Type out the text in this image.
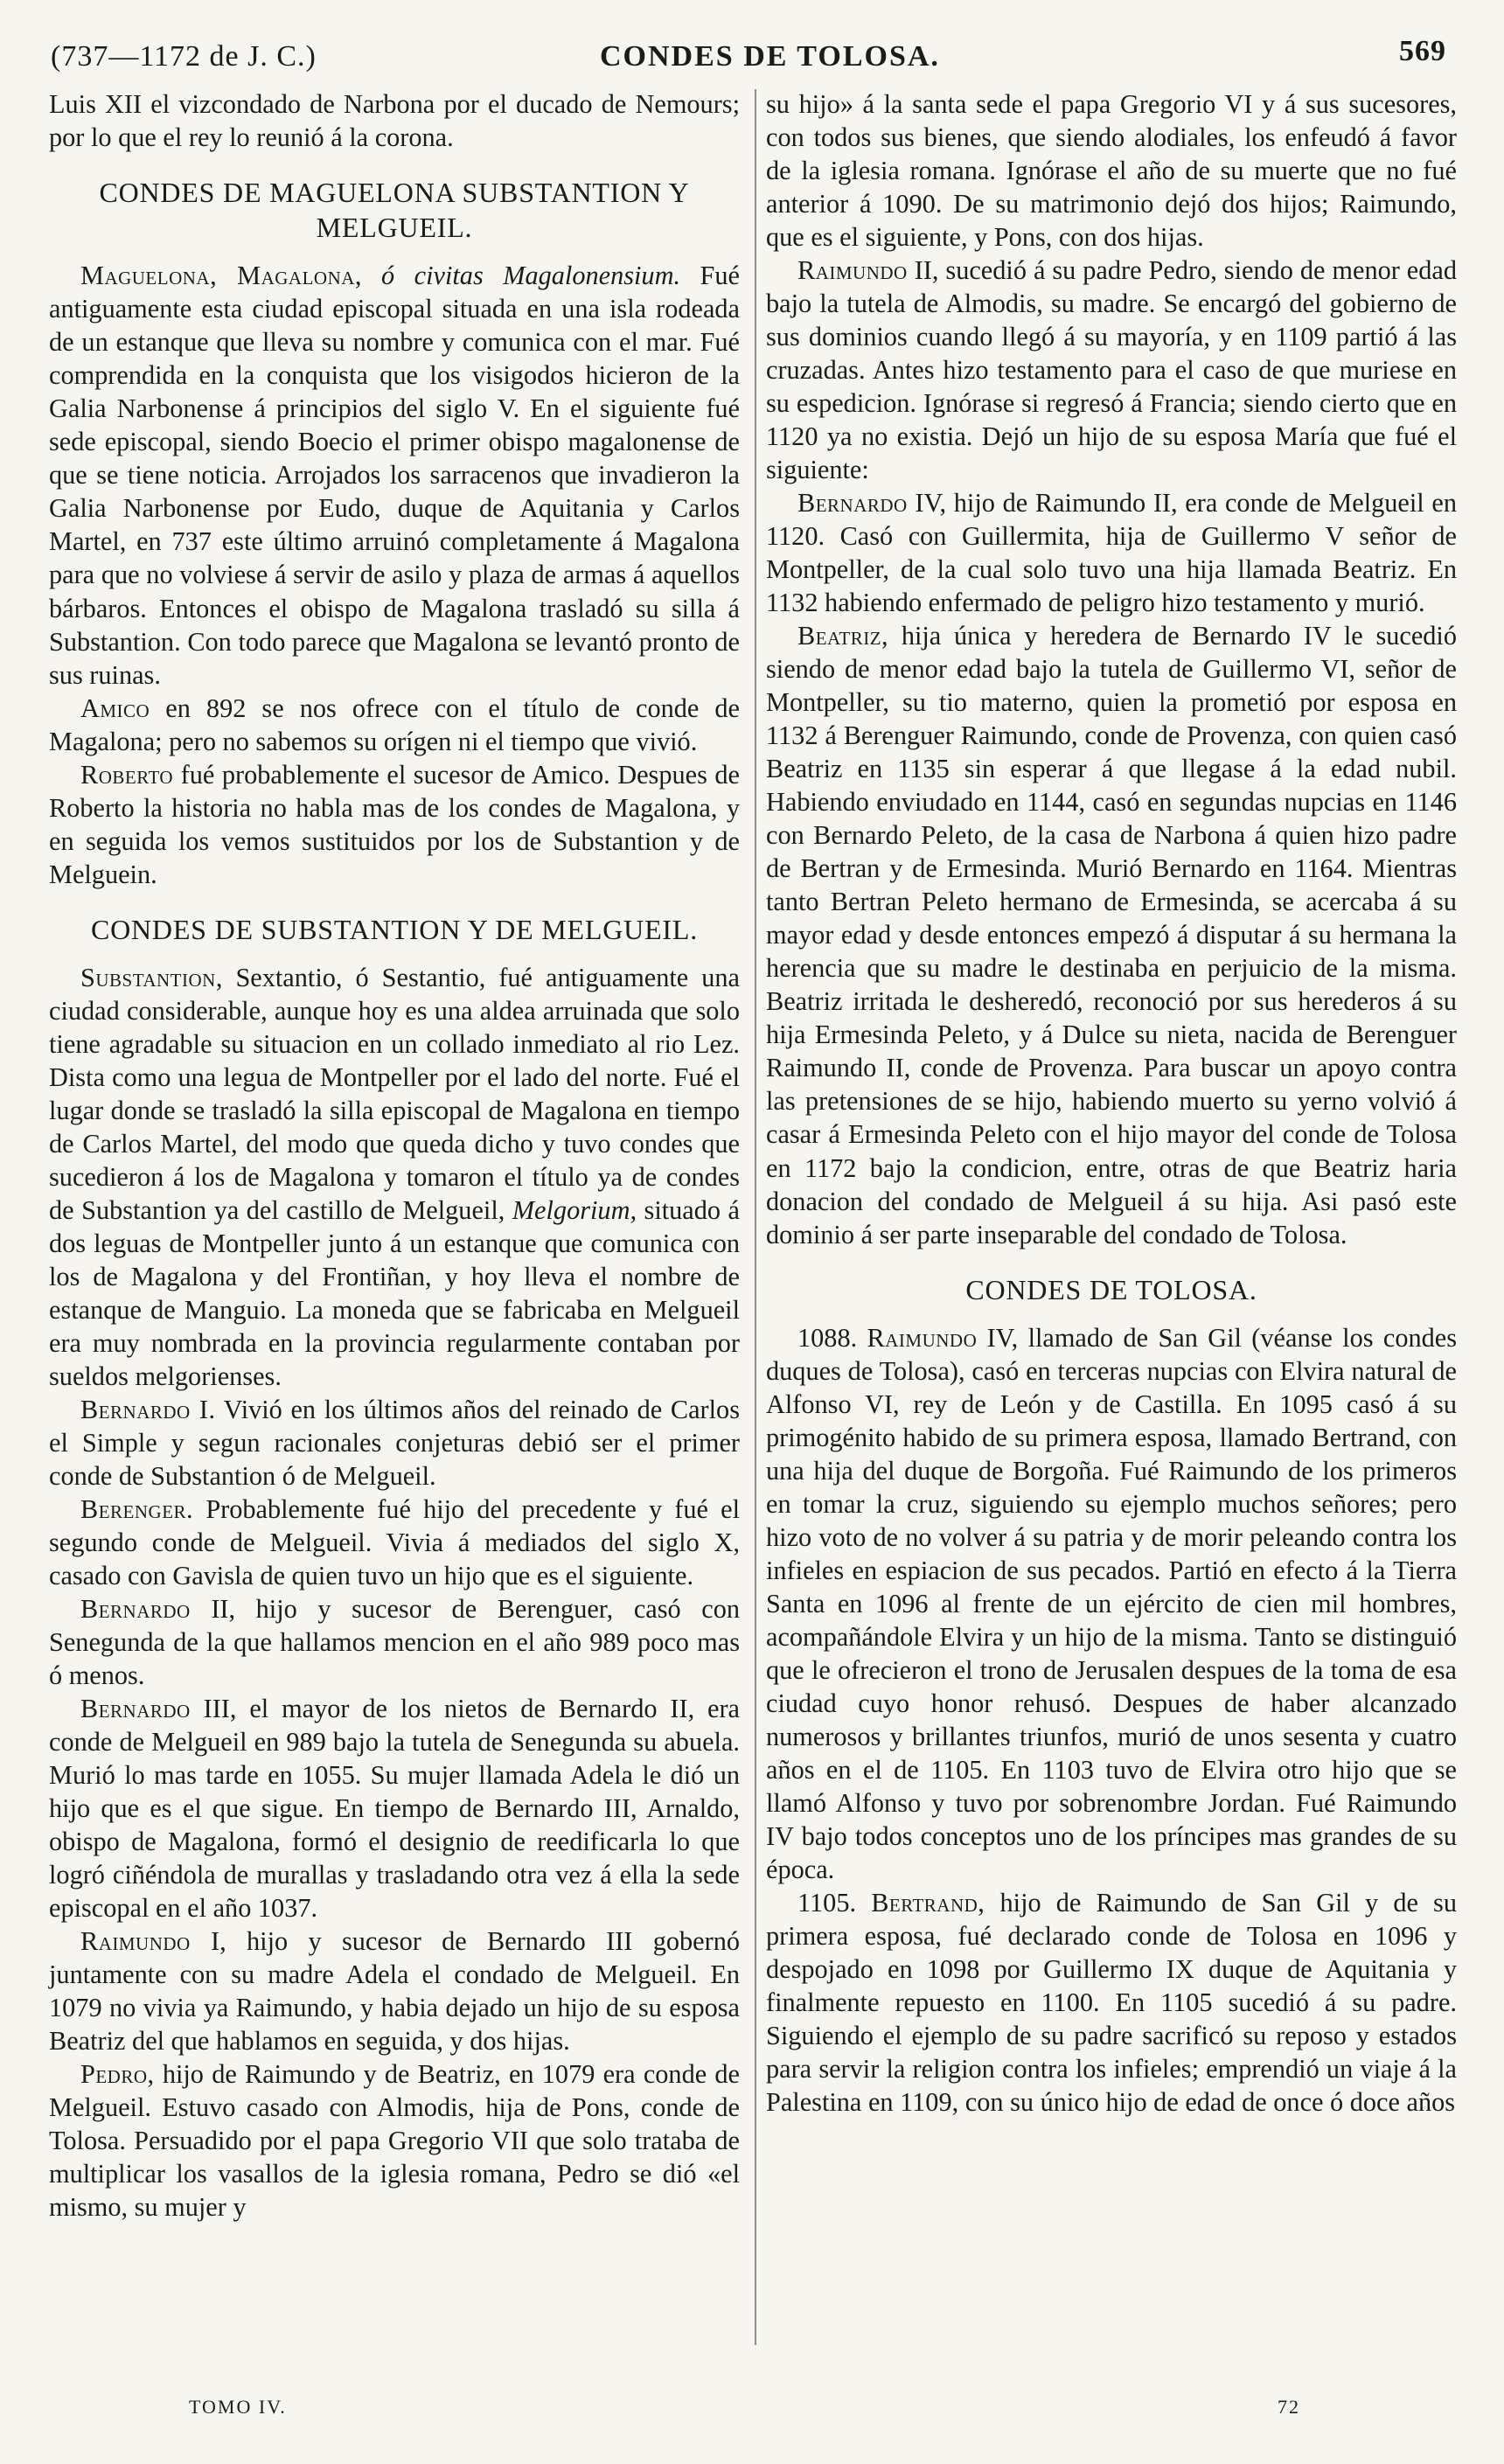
(737—1172 de J. C.)	CONDES DE TOLOSA.	569

Luis XII el vizcondado de Narbona por el ducado de Nemours; por lo que el rey lo reunió á la corona.

CONDES DE MAGUELONA SUBSTANTION Y MELGUEIL.

Maguelona, Magalona, ó civitas Magalonensium. Fué antiguamente esta ciudad episcopal situada en una isla rodeada de un estanque que lleva su nombre y comunica con el mar. Fué comprendida en la conquista que los visigodos hicieron de la Galia Narbonense á principios del siglo V. En el siguiente fué sede episcopal, siendo Boecio el primer obispo magalonense de que se tiene noticia. Arrojados los sarracenos que invadieron la Galia Narbonense por Eudo, duque de Aquitania y Carlos Martel, en 737 este último arruinó completamente á Magalona para que no volviese á servir de asilo y plaza de armas á aquellos bárbaros. Entonces el obispo de Magalona trasladó su silla á Substantion. Con todo parece que Magalona se levantó pronto de sus ruinas.

Amico en 892 se nos ofrece con el título de conde de Magalona; pero no sabemos su orígen ni el tiempo que vivió.

Roberto fué probablemente el sucesor de Amico. Despues de Roberto la historia no habla mas de los condes de Magalona, y en seguida los vemos sustituidos por los de Substantion y de Melguein.

CONDES DE SUBSTANTION Y DE MELGUEIL.

Substantion, Sextantio, ó Sestantio, fué antiguamente una ciudad considerable, aunque hoy es una aldea arruinada que solo tiene agradable su situacion en un collado inmediato al rio Lez. Dista como una legua de Montpeller por el lado del norte. Fué el lugar donde se trasladó la silla episcopal de Magalona en tiempo de Carlos Martel, del modo que queda dicho y tuvo condes que sucedieron á los de Magalona y tomaron el título ya de condes de Substantion ya del castillo de Melgueil, Melgorium, situado á dos leguas de Montpeller junto á un estanque que comunica con los de Magalona y del Frontiñan, y hoy lleva el nombre de estanque de Manguio. La moneda que se fabricaba en Melgueil era muy nombrada en la provincia regularmente contaban por sueldos melgorienses.

Bernardo I. Vivió en los últimos años del reinado de Carlos el Simple y segun racionales conjeturas debió ser el primer conde de Substantion ó de Melgueil.

Berenger. Probablemente fué hijo del precedente y fué el segundo conde de Melgueil. Vivia á mediados del siglo X, casado con Gavisla de quien tuvo un hijo que es el siguiente.

Bernardo II, hijo y sucesor de Berenguer, casó con Senegunda de la que hallamos mencion en el año 989 poco mas ó menos.

Bernardo III, el mayor de los nietos de Bernardo II, era conde de Melgueil en 989 bajo la tutela de Senegunda su abuela. Murió lo mas tarde en 1055. Su mujer llamada Adela le dió un hijo que es el que sigue. En tiempo de Bernardo III, Arnaldo, obispo de Magalona, formó el designio de reedificarla lo que logró ciñéndola de murallas y trasladando otra vez á ella la sede episcopal en el año 1037.

Raimundo I, hijo y sucesor de Bernardo III gobernó juntamente con su madre Adela el condado de Melgueil. En 1079 no vivia ya Raimundo, y habia dejado un hijo de su esposa Beatriz del que hablamos en seguida, y dos hijas.

Pedro, hijo de Raimundo y de Beatriz, en 1079 era conde de Melgueil. Estuvo casado con Almodis, hija de Pons, conde de Tolosa. Persuadido por el papa Gregorio VII que solo trataba de multiplicar los vasallos de la iglesia romana, Pedro se dió «el mismo, su mujer y

su hijo» á la santa sede el papa Gregorio VI y á sus sucesores, con todos sus bienes, que siendo alodiales, los enfeudó á favor de la iglesia romana. Ignórase el año de su muerte que no fué anterior á 1090. De su matrimonio dejó dos hijos; Raimundo, que es el siguiente, y Pons, con dos hijas.

Raimundo II, sucedió á su padre Pedro, siendo de menor edad bajo la tutela de Almodis, su madre. Se encargó del gobierno de sus dominios cuando llegó á su mayoría, y en 1109 partió á las cruzadas. Antes hizo testamento para el caso de que muriese en su espedicion. Ignórase si regresó á Francia; siendo cierto que en 1120 ya no existia. Dejó un hijo de su esposa María que fué el siguiente:

Bernardo IV, hijo de Raimundo II, era conde de Melgueil en 1120. Casó con Guillermita, hija de Guillermo V señor de Montpeller, de la cual solo tuvo una hija llamada Beatriz. En 1132 habiendo enfermado de peligro hizo testamento y murió.

Beatriz, hija única y heredera de Bernardo IV le sucedió siendo de menor edad bajo la tutela de Guillermo VI, señor de Montpeller, su tio materno, quien la prometió por esposa en 1132 á Berenguer Raimundo, conde de Provenza, con quien casó Beatriz en 1135 sin esperar á que llegase á la edad nubil. Habiendo enviudado en 1144, casó en segundas nupcias en 1146 con Bernardo Peleto, de la casa de Narbona á quien hizo padre de Bertran y de Ermesinda. Murió Bernardo en 1164. Mientras tanto Bertran Peleto hermano de Ermesinda, se acercaba á su mayor edad y desde entonces empezó á disputar á su hermana la herencia que su madre le destinaba en perjuicio de la misma. Beatriz irritada le desheredó, reconoció por sus herederos á su hija Ermesinda Peleto, y á Dulce su nieta, nacida de Berenguer Raimundo II, conde de Provenza. Para buscar un apoyo contra las pretensiones de se hijo, habiendo muerto su yerno volvió á casar á Ermesinda Peleto con el hijo mayor del conde de Tolosa en 1172 bajo la condicion, entre, otras de que Beatriz haria donacion del condado de Melgueil á su hija. Asi pasó este dominio á ser parte inseparable del condado de Tolosa.

CONDES DE TOLOSA.

1088. Raimundo IV, llamado de San Gil (véanse los condes duques de Tolosa), casó en terceras nupcias con Elvira natural de Alfonso VI, rey de León y de Castilla. En 1095 casó á su primogénito habido de su primera esposa, llamado Bertrand, con una hija del duque de Borgoña. Fué Raimundo de los primeros en tomar la cruz, siguiendo su ejemplo muchos señores; pero hizo voto de no volver á su patria y de morir peleando contra los infieles en espiacion de sus pecados. Partió en efecto á la Tierra Santa en 1096 al frente de un ejército de cien mil hombres, acompañándole Elvira y un hijo de la misma. Tanto se distinguió que le ofrecieron el trono de Jerusalen despues de la toma de esa ciudad cuyo honor rehusó. Despues de haber alcanzado numerosos y brillantes triunfos, murió de unos sesenta y cuatro años en el de 1105. En 1103 tuvo de Elvira otro hijo que se llamó Alfonso y tuvo por sobrenombre Jordan. Fué Raimundo IV bajo todos conceptos uno de los príncipes mas grandes de su época.

1105. Bertrand, hijo de Raimundo de San Gil y de su primera esposa, fué declarado conde de Tolosa en 1096 y despojado en 1098 por Guillermo IX duque de Aquitania y finalmente repuesto en 1100. En 1105 sucedió á su padre. Siguiendo el ejemplo de su padre sacrificó su reposo y estados para servir la religion contra los infieles; emprendió un viaje á la Palestina en 1109, con su único hijo de edad de once ó doce años

TOMO IV.	72
